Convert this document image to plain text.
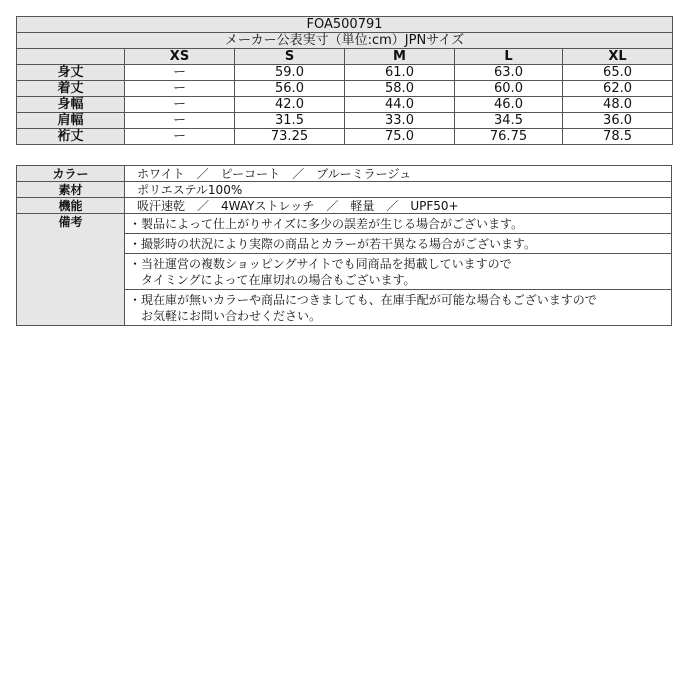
FOA500791					
メーカー公表実寸（単位:cm）JPNサイズ					
	XS	S	M	L	XL
身丈	ー	59.0	61.0	63.0	65.0
着丈	ー	56.0	58.0	60.0	62.0
身幅	ー	42.0	44.0	46.0	48.0
肩幅	ー	31.5	33.0	34.5	36.0
裄丈	ー	73.25	75.0	76.75	78.5
カラー	ホワイト　／　ピーコート　／　ブルーミラージュ
素材	ポリエステル100%
機能	吸汗速乾　／　4WAYストレッチ　／　軽量　／　UPF50+
備考	・製品によって仕上がりサイズに多少の誤差が生じる場合がございます。

	・撮影時の状況により実際の商品とカラーが若干異なる場合がございます。

	・当社運営の複数ショッピングサイトでも同商品を掲載していますので
タイミングによって在庫切れの場合もございます。

	・現在庫が無いカラーや商品につきましても、在庫手配が可能な場合もございますので
お気軽にお問い合わせください。
